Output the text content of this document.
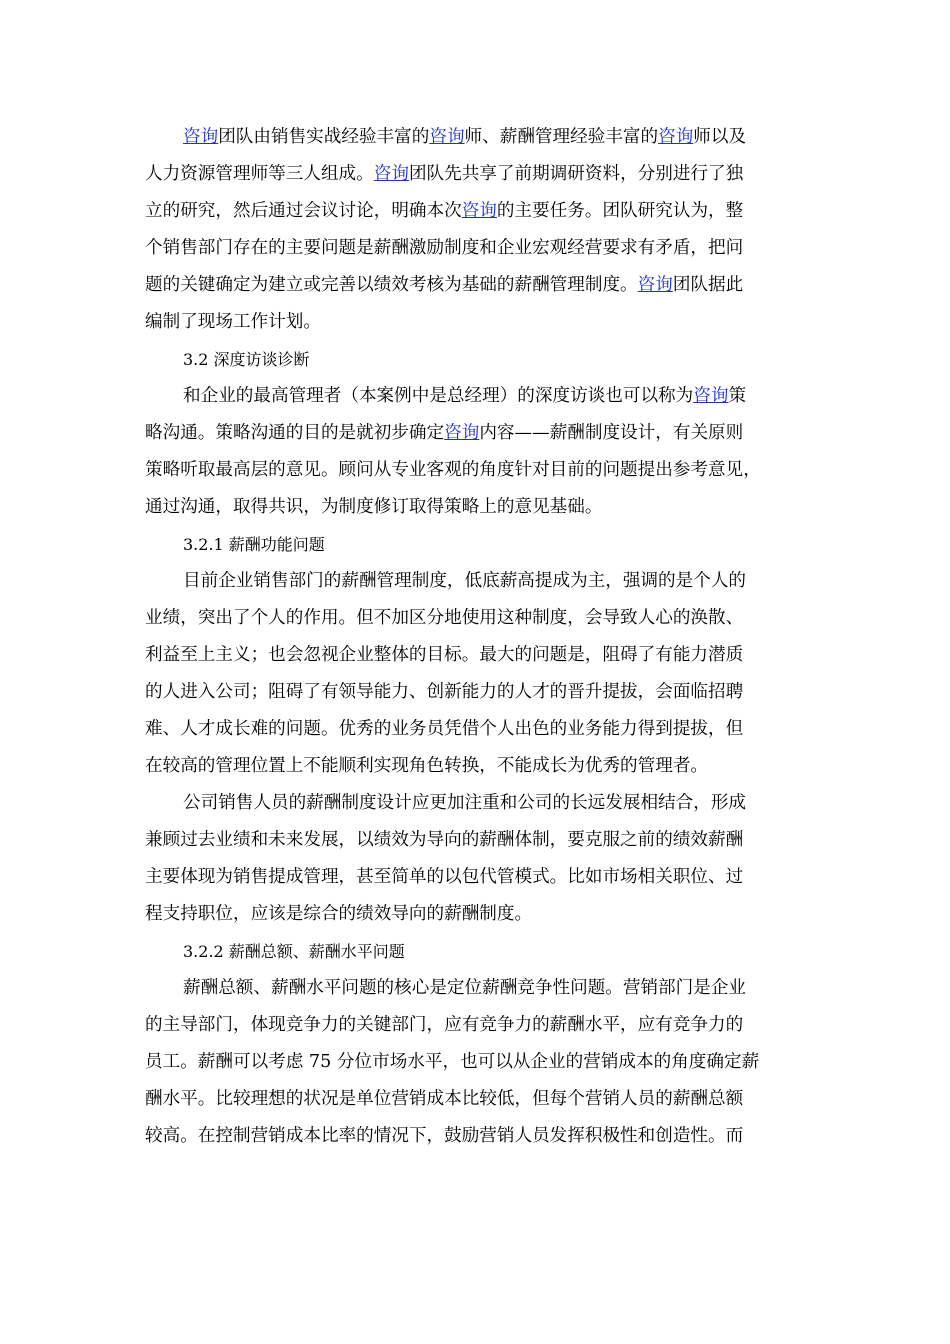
咨询团队由销售实战经验丰富的咨询师、薪酬管理经验丰富的咨询师以及
人力资源管理师等三人组成。咨询团队先共享了前期调研资料，分别进行了独
立的研究，然后通过会议讨论，明确本次咨询的主要任务。团队研究认为，整
个销售部门存在的主要问题是薪酬激励制度和企业宏观经营要求有矛盾，把问
题的关键确定为建立或完善以绩效考核为基础的薪酬管理制度。咨询团队据此
编制了现场工作计划。
3.2 深度访谈诊断
和企业的最高管理者（本案例中是总经理）的深度访谈也可以称为咨询策
略沟通。策略沟通的目的是就初步确定咨询内容——薪酬制度设计，有关原则
策略听取最高层的意见。顾问从专业客观的角度针对目前的问题提出参考意见，
通过沟通，取得共识，为制度修订取得策略上的意见基础。
3.2.1 薪酬功能问题
目前企业销售部门的薪酬管理制度，低底薪高提成为主，强调的是个人的
业绩，突出了个人的作用。但不加区分地使用这种制度，会导致人心的涣散、
利益至上主义；也会忽视企业整体的目标。最大的问题是，阻碍了有能力潜质
的人进入公司；阻碍了有领导能力、创新能力的人才的晋升提拔，会面临招聘
难、人才成长难的问题。优秀的业务员凭借个人出色的业务能力得到提拔，但
在较高的管理位置上不能顺利实现角色转换，不能成长为优秀的管理者。
公司销售人员的薪酬制度设计应更加注重和公司的长远发展相结合，形成
兼顾过去业绩和未来发展，以绩效为导向的薪酬体制，要克服之前的绩效薪酬
主要体现为销售提成管理，甚至简单的以包代管模式。比如市场相关职位、过
程支持职位，应该是综合的绩效导向的薪酬制度。
3.2.2 薪酬总额、薪酬水平问题
薪酬总额、薪酬水平问题的核心是定位薪酬竞争性问题。营销部门是企业
的主导部门，体现竞争力的关键部门，应有竞争力的薪酬水平，应有竞争力的
员工。薪酬可以考虑 75 分位市场水平，也可以从企业的营销成本的角度确定薪
酬水平。比较理想的状况是单位营销成本比较低，但每个营销人员的薪酬总额
较高。在控制营销成本比率的情况下，鼓励营销人员发挥积极性和创造性。而
